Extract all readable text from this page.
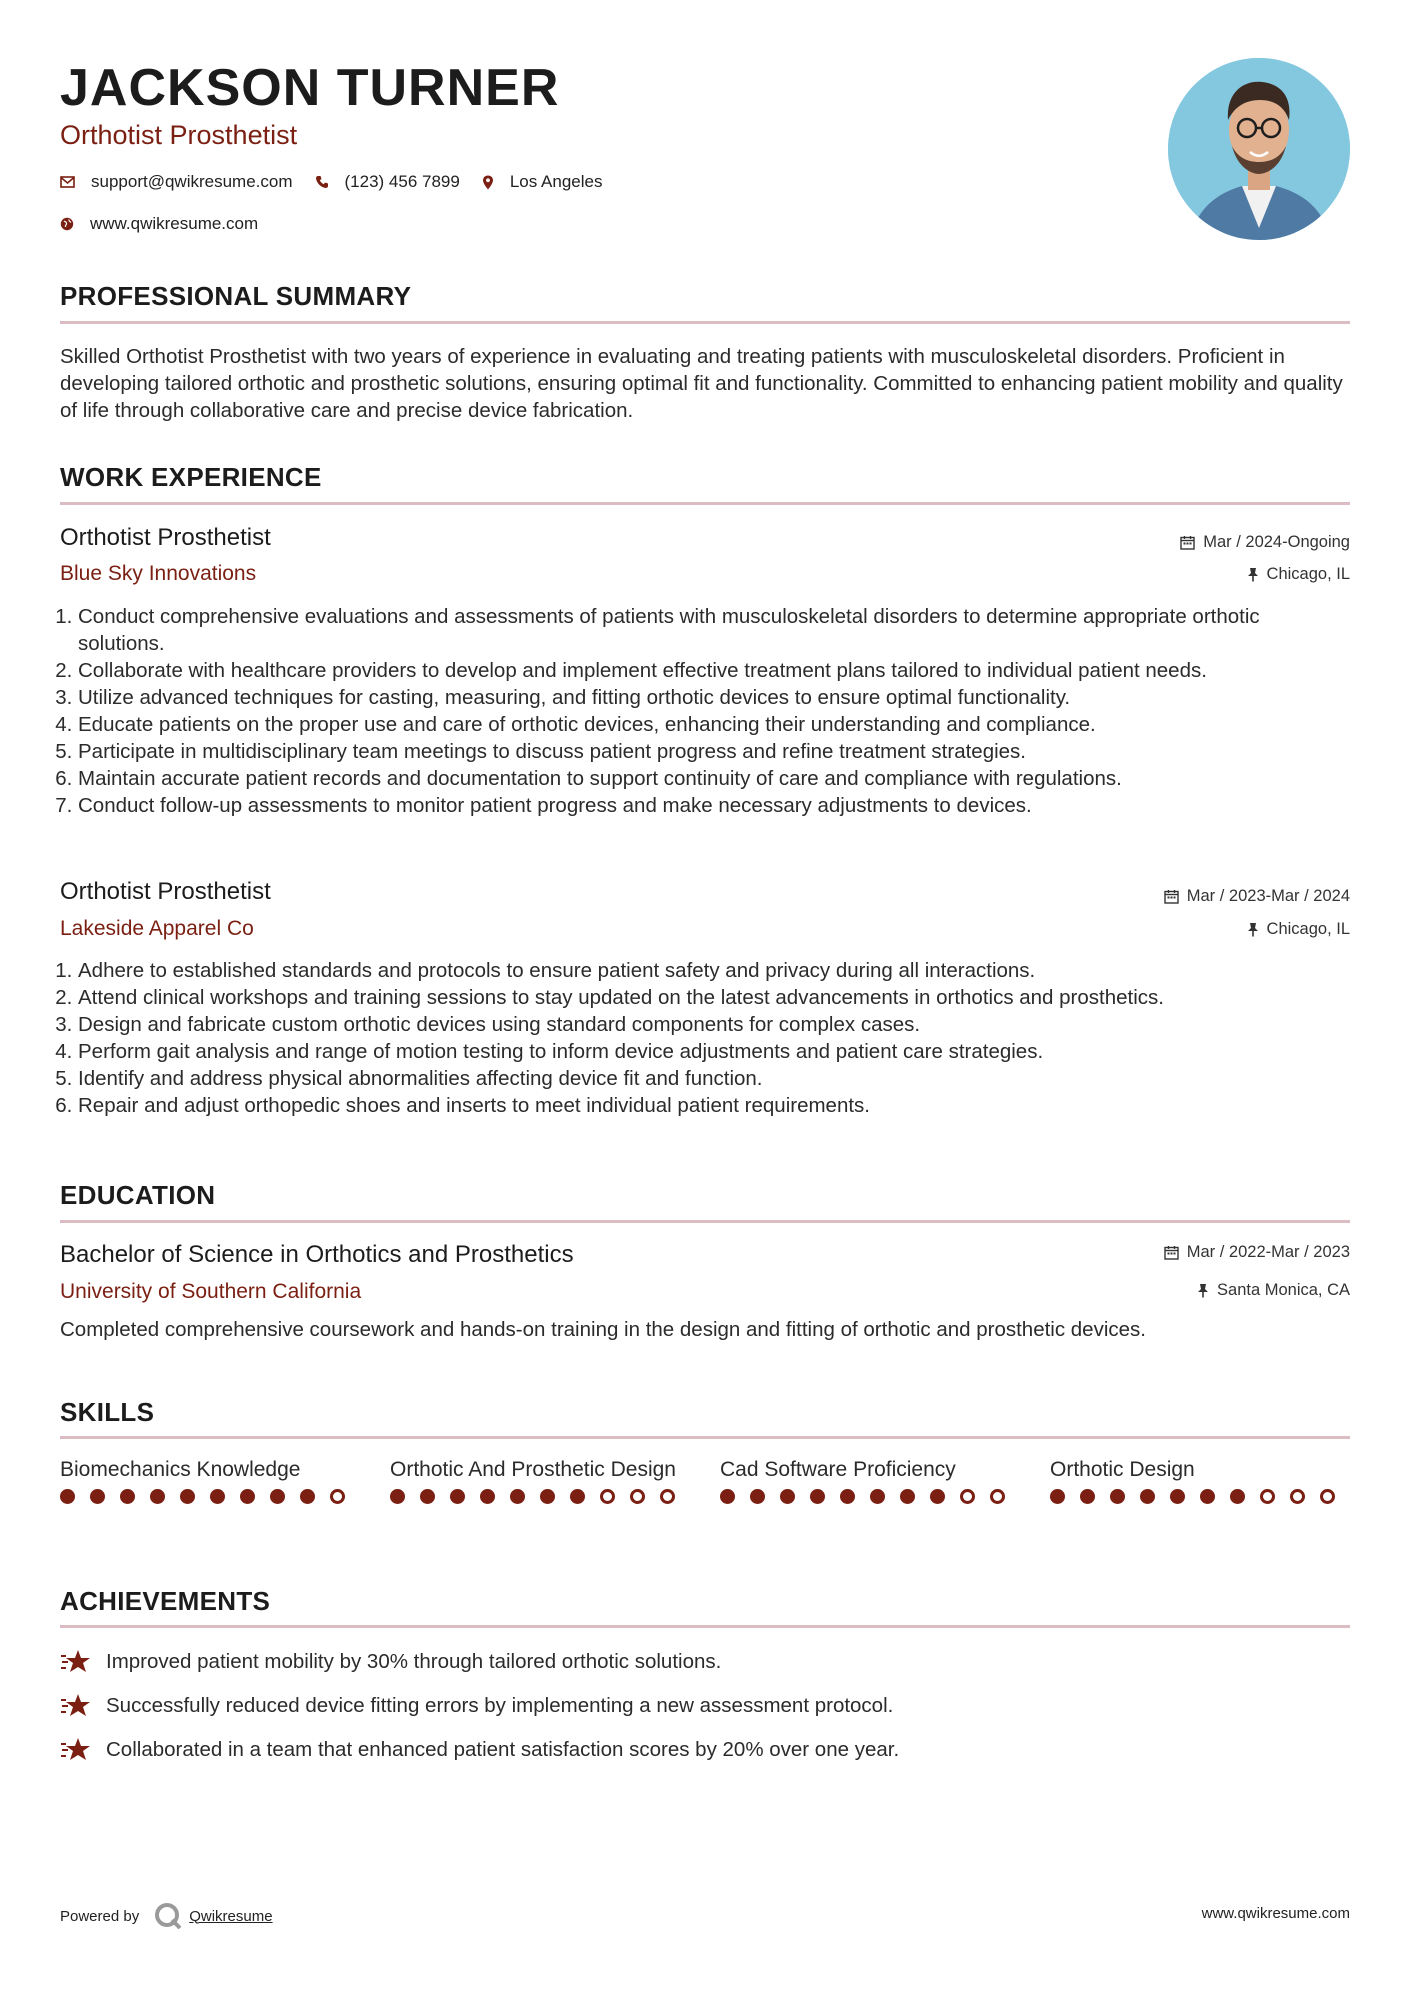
JACKSON TURNER
Orthotist Prosthetist
support@qwikresume.com	(123) 456 7899	Los Angeles
www.qwikresume.com
PROFESSIONAL SUMMARY
Skilled Orthotist Prosthetist with two years of experience in evaluating and treating patients with musculoskeletal disorders. Proficient in developing tailored orthotic and prosthetic solutions, ensuring optimal fit and functionality. Committed to enhancing patient mobility and quality of life through collaborative care and precise device fabrication.
WORK EXPERIENCE
Orthotist Prosthetist	Mar / 2024-Ongoing
Blue Sky Innovations	Chicago, IL
1. Conduct comprehensive evaluations and assessments of patients with musculoskeletal disorders to determine appropriate orthotic solutions.
2. Collaborate with healthcare providers to develop and implement effective treatment plans tailored to individual patient needs.
3. Utilize advanced techniques for casting, measuring, and fitting orthotic devices to ensure optimal functionality.
4. Educate patients on the proper use and care of orthotic devices, enhancing their understanding and compliance.
5. Participate in multidisciplinary team meetings to discuss patient progress and refine treatment strategies.
6. Maintain accurate patient records and documentation to support continuity of care and compliance with regulations.
7. Conduct follow-up assessments to monitor patient progress and make necessary adjustments to devices.
Orthotist Prosthetist	Mar / 2023-Mar / 2024
Lakeside Apparel Co	Chicago, IL
1. Adhere to established standards and protocols to ensure patient safety and privacy during all interactions.
2. Attend clinical workshops and training sessions to stay updated on the latest advancements in orthotics and prosthetics.
3. Design and fabricate custom orthotic devices using standard components for complex cases.
4. Perform gait analysis and range of motion testing to inform device adjustments and patient care strategies.
5. Identify and address physical abnormalities affecting device fit and function.
6. Repair and adjust orthopedic shoes and inserts to meet individual patient requirements.
EDUCATION
Bachelor of Science in Orthotics and Prosthetics	Mar / 2022-Mar / 2023
University of Southern California	Santa Monica, CA
Completed comprehensive coursework and hands-on training in the design and fitting of orthotic and prosthetic devices.
SKILLS
Biomechanics Knowledge	Orthotic And Prosthetic Design	Cad Software Proficiency	Orthotic Design
ACHIEVEMENTS
Improved patient mobility by 30% through tailored orthotic solutions.
Successfully reduced device fitting errors by implementing a new assessment protocol.
Collaborated in a team that enhanced patient satisfaction scores by 20% over one year.
Powered by	Qwikresume	www.qwikresume.com
